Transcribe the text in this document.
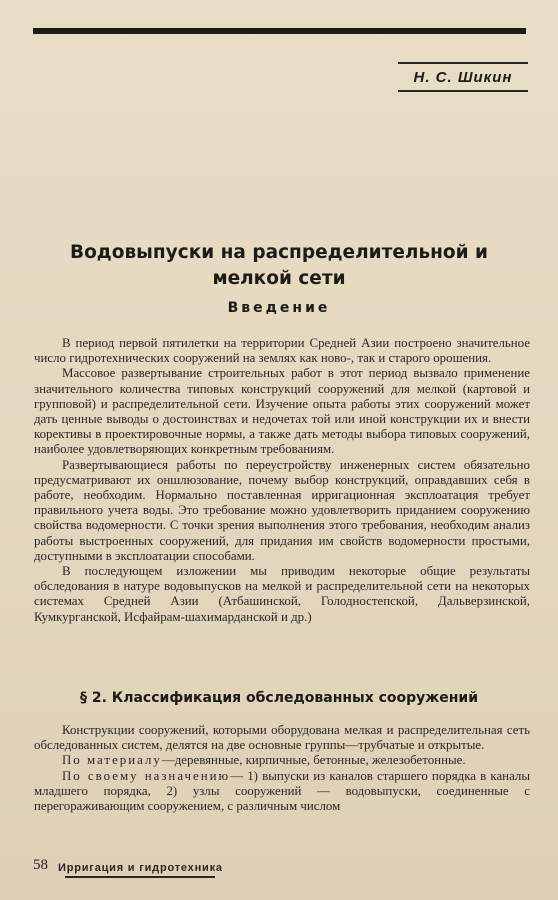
Н. С. Шикин
Водовыпуски на распределительной и
мелкой сети
Введение

В период первой пятилетки на территории Средней Азии построено значительное число гидротехнических сооружений на землях как ново-, так и старого орошения.

Массовое развертывание строительных работ в этот период вызвало применение значительного количества типовых конструкций сооружений для мелкой (картовой и групповой) и распределительной сети. Изучение опыта работы этих сооружений может дать ценные выводы о достоинствах и недочетах той или иной конструкции их и внести корективы в проектировочные нормы, а также дать методы выбора типовых сооружений, наиболее удовлетворяющих конкретным требованиям.

Развертывающиеся работы по переустройству инженерных систем обязательно предусматривают их оншлюзование, почему выбор конструкций, оправдавших себя в работе, необходим. Нормально поставленная ирригационная эксплоатация требует правильного учета воды. Это требование можно удовлетворить приданием сооружению свойства водомерности. С точки зрения выполнения этого требования, необходим анализ работы выстроенных сооружений, для придания им свойств водомерности простыми, доступными в эксплоатации способами.

В последующем изложении мы приводим некоторые общие результаты обследования в натуре водовыпусков на мелкой и распределительной сети на некоторых системах Средней Азии (Атбашинской, Голодностепской, Дальверзинской, Кумкурганской, Исфайрам-шахимарданской и др.)

§ 2. Классификация обследованных сооружений

Конструкции сооружений, которыми оборудована мелкая и распределительная сеть обследованных систем, делятся на две основные группы—трубчатые и открытые.

По материалу—деревянные, кирпичные, бетонные, железобетонные.

По своему назначению— 1) выпуски из каналов старшего порядка в каналы младшего порядка, 2) узлы сооружений — водовыпуски, соединенные с перегораживающим сооружением, с различным числом

58 Ирригация и гидротехника
